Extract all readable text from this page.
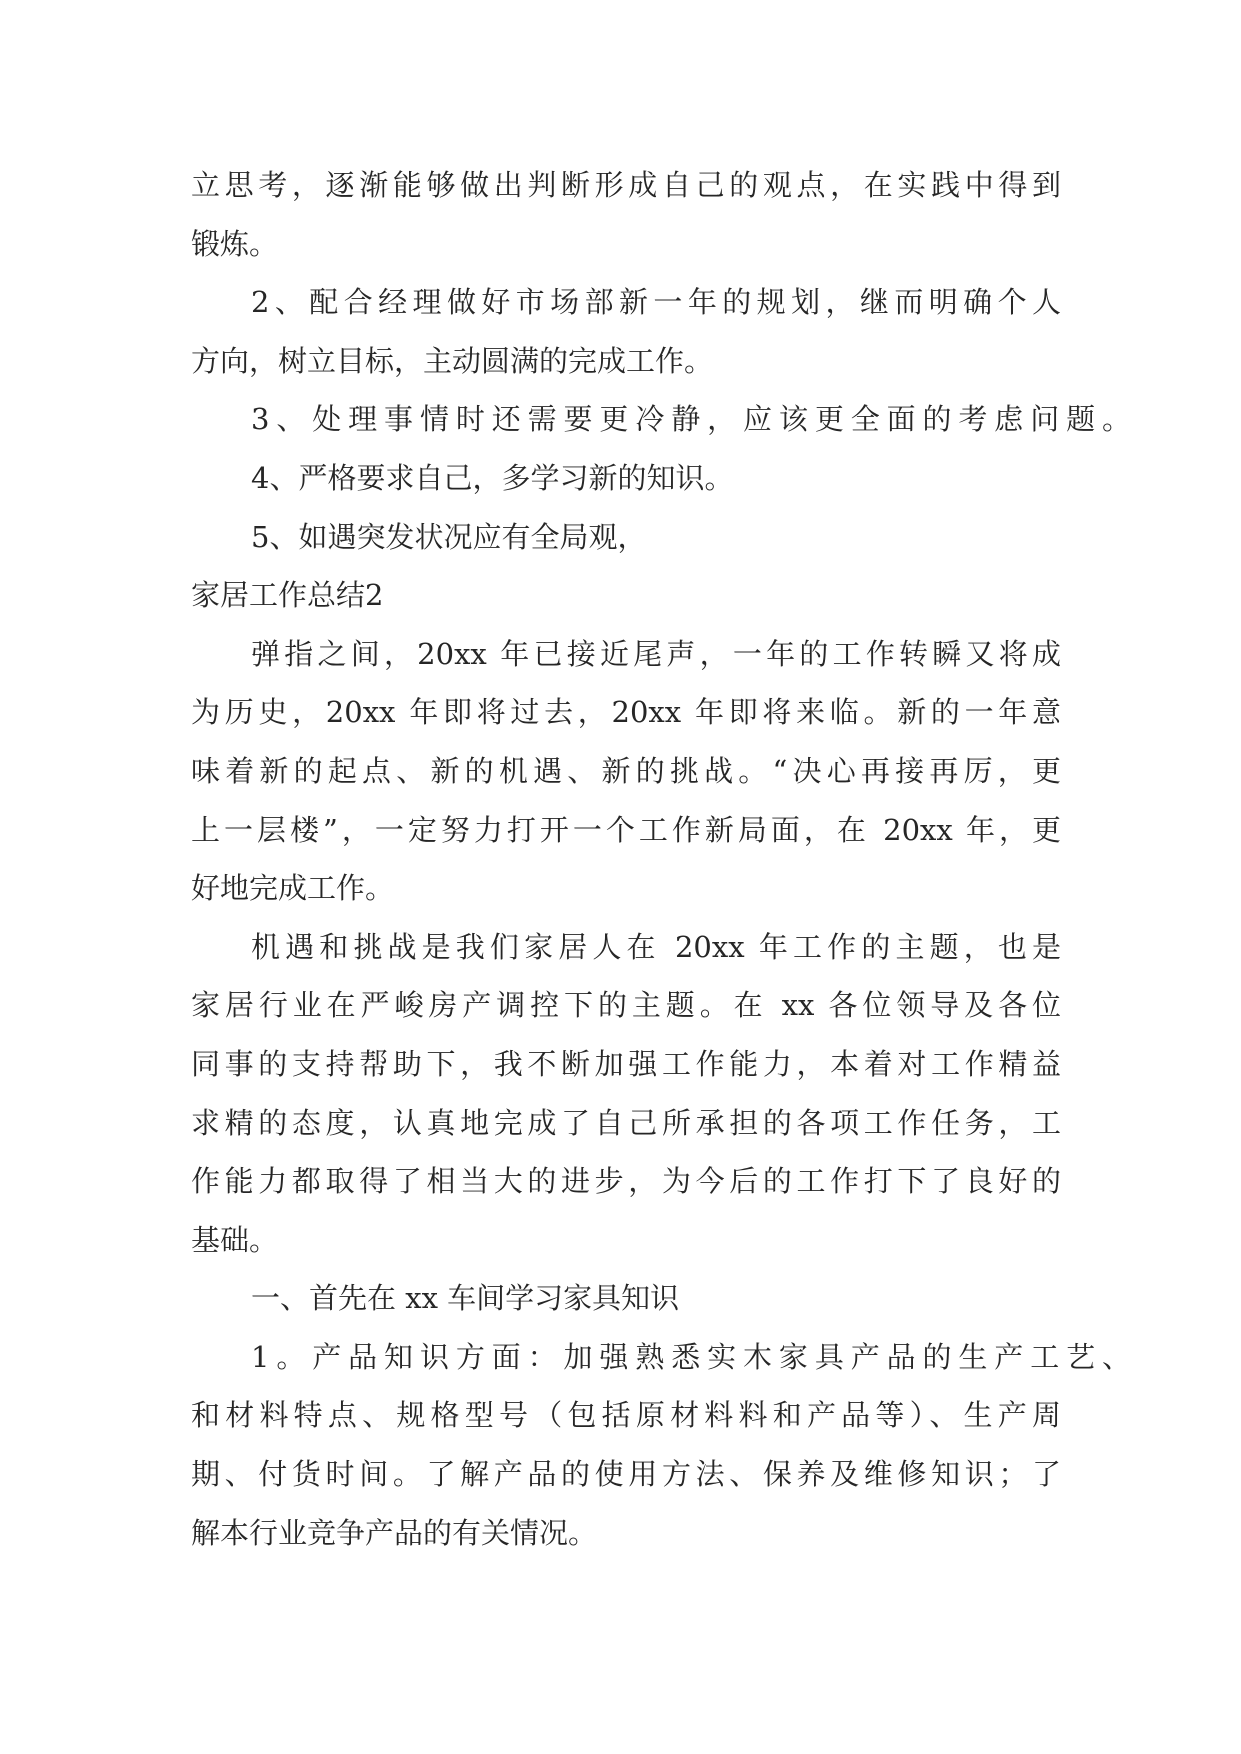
立思考，逐渐能够做出判断形成自己的观点，在实践中得到
锻炼。
2、配合经理做好市场部新一年的规划，继而明确个人
方向，树立目标，主动圆满的完成工作。
3、处理事情时还需要更冷静，应该更全面的考虑问题。
4、严格要求自己，多学习新的知识。
5、如遇突发状况应有全局观，
家居工作总结2
弹指之间，20xx 年已接近尾声，一年的工作转瞬又将成
为历史，20xx 年即将过去，20xx 年即将来临。新的一年意
味着新的起点、新的机遇、新的挑战。“决心再接再厉，更
上一层楼”，一定努力打开一个工作新局面，在 20xx 年，更
好地完成工作。
机遇和挑战是我们家居人在 20xx 年工作的主题，也是
家居行业在严峻房产调控下的主题。在 xx 各位领导及各位
同事的支持帮助下，我不断加强工作能力，本着对工作精益
求精的态度，认真地完成了自己所承担的各项工作任务，工
作能力都取得了相当大的进步，为今后的工作打下了良好的
基础。
一、首先在 xx 车间学习家具知识
1。产品知识方面：加强熟悉实木家具产品的生产工艺、
和材料特点、规格型号（包括原材料料和产品等）、生产周
期、付货时间。了解产品的使用方法、保养及维修知识；了
解本行业竞争产品的有关情况。
